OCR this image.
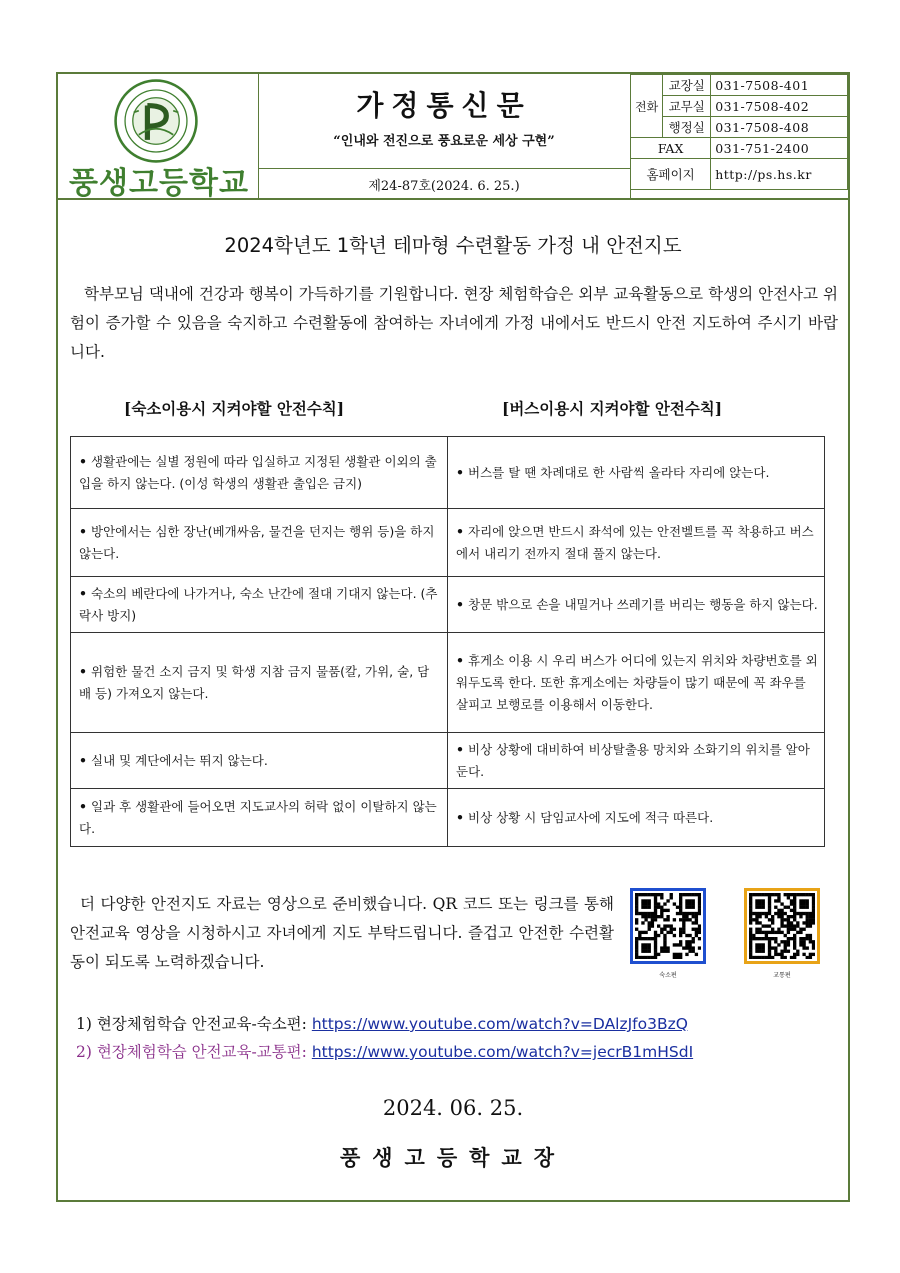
풍생고등학교
가정통신문
“인내와 전진으로 풍요로운 세상 구현”
제24-87호(2024. 6. 25.)
전화	교장실	031-7508-401
	교무실	031-7508-402
	행정실	031-7508-408
FAX		031-751-2400
홈페이지		http://ps.hs.kr
2024학년도 1학년 테마형 수련활동 가정 내 안전지도
학부모님 댁내에 건강과 행복이 가득하기를 기원합니다. 현장 체험학습은 외부 교육활동으로 학생의 안전사고 위험이 증가할 수 있음을 숙지하고 수련활동에 참여하는 자녀에게 가정 내에서도 반드시 안전 지도하여 주시기 바랍니다.
[숙소이용시 지켜야할 안전수칙]	[버스이용시 지켜야할 안전수칙]
• 생활관에는 실별 정원에 따라 입실하고 지정된 생활관 이외의 출입을 하지 않는다. (이성 학생의 생활관 출입은 금지)	• 버스를 탈 땐 차례대로 한 사람씩 올라타 자리에 앉는다.
• 방안에서는 심한 장난(베개싸움, 물건을 던지는 행위 등)을 하지 않는다.	• 자리에 앉으면 반드시 좌석에 있는 안전벨트를 꼭 착용하고 버스에서 내리기 전까지 절대 풀지 않는다.
• 숙소의 베란다에 나가거나, 숙소 난간에 절대 기대지 않는다. (추락사 방지)	• 창문 밖으로 손을 내밀거나 쓰레기를 버리는 행동을 하지 않는다.
• 위험한 물건 소지 금지 및 학생 지참 금지 물품(칼, 가위, 술, 담배 등) 가져오지 않는다.	• 휴게소 이용 시 우리 버스가 어디에 있는지 위치와 차량번호를 외워두도록 한다. 또한 휴게소에는 차량들이 많기 때문에 꼭 좌우를 살피고 보행로를 이용해서 이동한다.
• 실내 및 계단에서는 뛰지 않는다.	• 비상 상황에 대비하여 비상탈출용 망치와 소화기의 위치를 알아둔다.
• 일과 후 생활관에 들어오면 지도교사의 허락 없이 이탈하지 않는다.	• 비상 상황 시 담임교사에 지도에 적극 따른다.
더 다양한 안전지도 자료는 영상으로 준비했습니다. QR 코드 또는 링크를 통해 안전교육 영상을 시청하시고 자녀에게 지도 부탁드립니다. 즐겁고 안전한 수련활동이 되도록 노력하겠습니다.
숙소편	교통편
1) 현장체험학습 안전교육-숙소편: https://www.youtube.com/watch?v=DAlzJfo3BzQ
2) 현장체험학습 안전교육-교통편: https://www.youtube.com/watch?v=jecrB1mHSdI
2024. 06. 25.
풍생고등학교장
